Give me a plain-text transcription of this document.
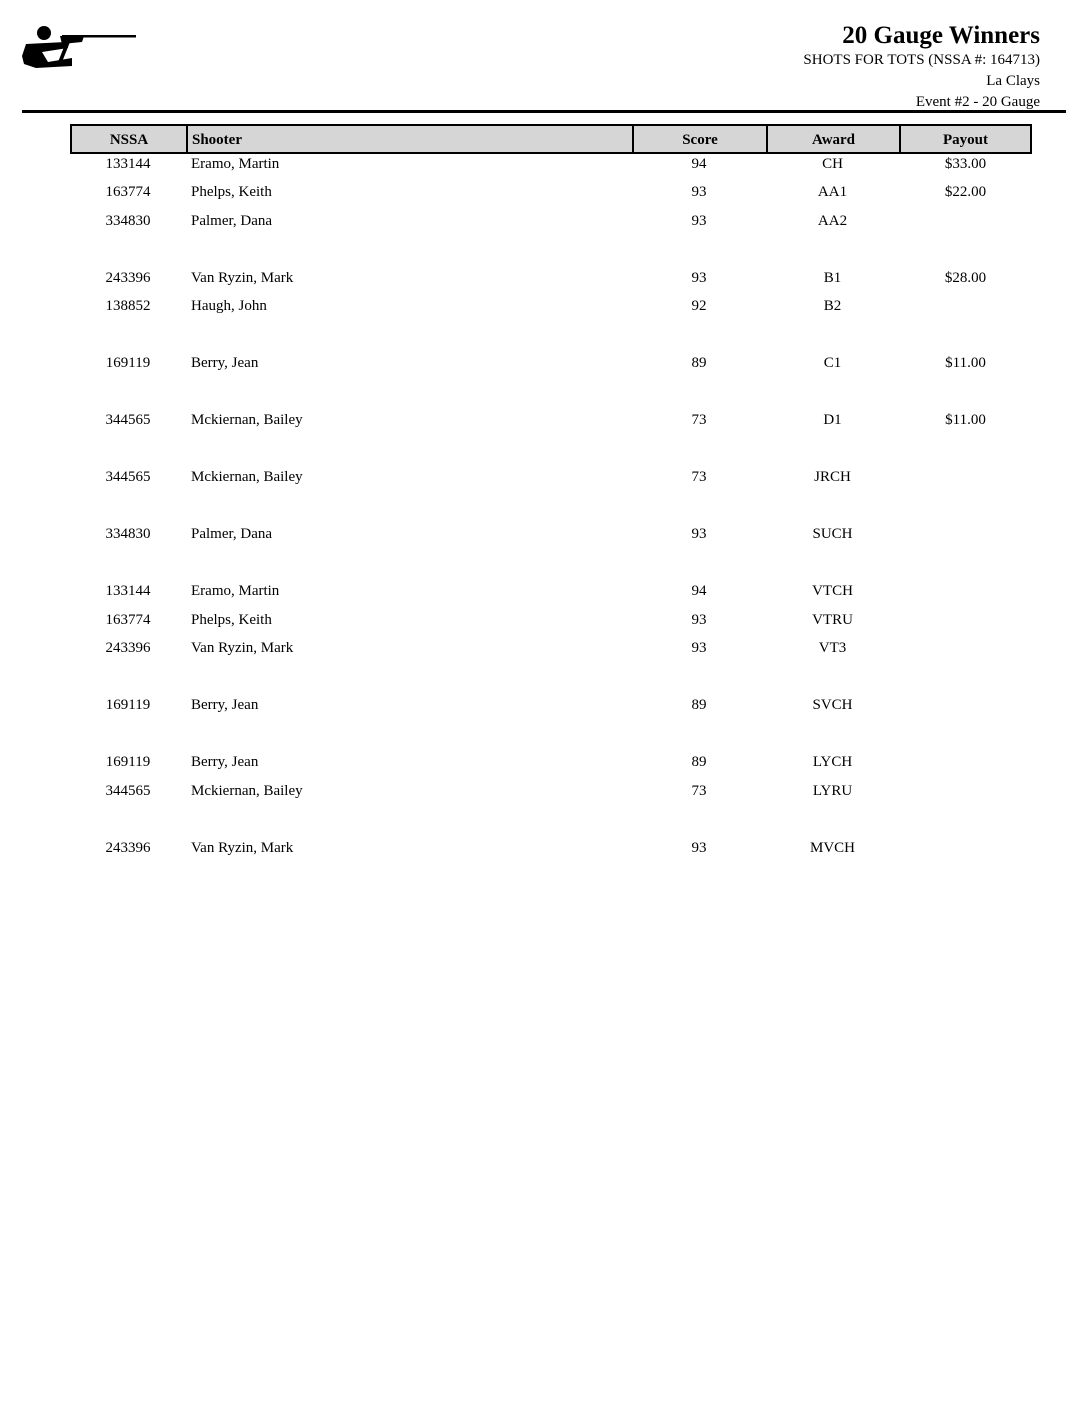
20 Gauge Winners
SHOTS FOR TOTS (NSSA #: 164713)
La Clays
Event #2 - 20 Gauge
NSSA	Shooter	Score	Award	Payout
133144	Eramo, Martin	94	CH	$33.00
163774	Phelps, Keith	93	AA1	$22.00
334830	Palmer, Dana	93	AA2
243396	Van Ryzin, Mark	93	B1	$28.00
138852	Haugh, John	92	B2
169119	Berry, Jean	89	C1	$11.00
344565	Mckiernan, Bailey	73	D1	$11.00
344565	Mckiernan, Bailey	73	JRCH
334830	Palmer, Dana	93	SUCH
133144	Eramo, Martin	94	VTCH
163774	Phelps, Keith	93	VTRU
243396	Van Ryzin, Mark	93	VT3
169119	Berry, Jean	89	SVCH
169119	Berry, Jean	89	LYCH
344565	Mckiernan, Bailey	73	LYRU
243396	Van Ryzin, Mark	93	MVCH
